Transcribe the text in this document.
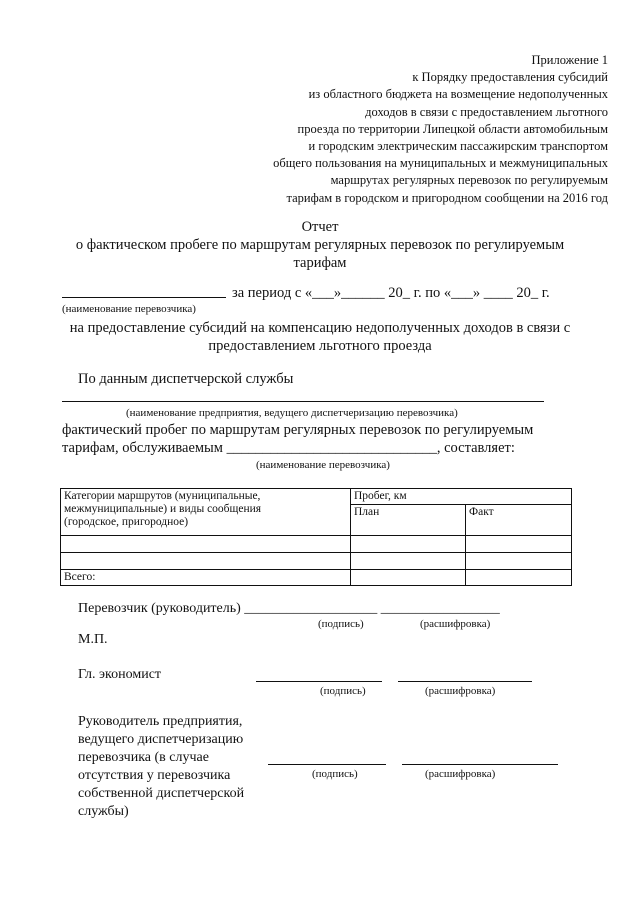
Приложение 1
к Порядку предоставления субсидий
из областного бюджета на возмещение недополученных
доходов в связи с предоставлением льготного
проезда по территории Липецкой области автомобильным
и городским электрическим пассажирским транспортом
общего пользования на муниципальных и межмуниципальных
маршрутах регулярных перевозок по регулируемым
тарифам в городском и пригородном сообщении на 2016 год
Отчет
о фактическом пробеге по маршрутам регулярных перевозок по регулируемым
тарифам
за период с «___»______ 20_ г. по «___» ____ 20_ г.
(наименование перевозчика)
на предоставление субсидий на компенсацию недополученных доходов в связи с
предоставлением льготного проезда
По данным диспетчерской службы
(наименование предприятия, ведущего диспетчеризацию перевозчика)
фактический пробег по маршрутам регулярных перевозок по регулируемым
тарифам, обслуживаемым _____________________________, составляет:
(наименование перевозчика)
Категории маршрутов (муниципальные,
межмуниципальные) и виды сообщения
(городское, пригородное)	Пробег, км	
	План	Факт

Всего:		
Перевозчик (руководитель) ___________________ _________________
(подпись)	(расшифровка)
М.П.
Гл. экономист
(подпись)	(расшифровка)
Руководитель предприятия,
ведущего диспетчеризацию
перевозчика (в случае
отсутствия у перевозчика
собственной диспетчерской
службы)
(подпись)	(расшифровка)
